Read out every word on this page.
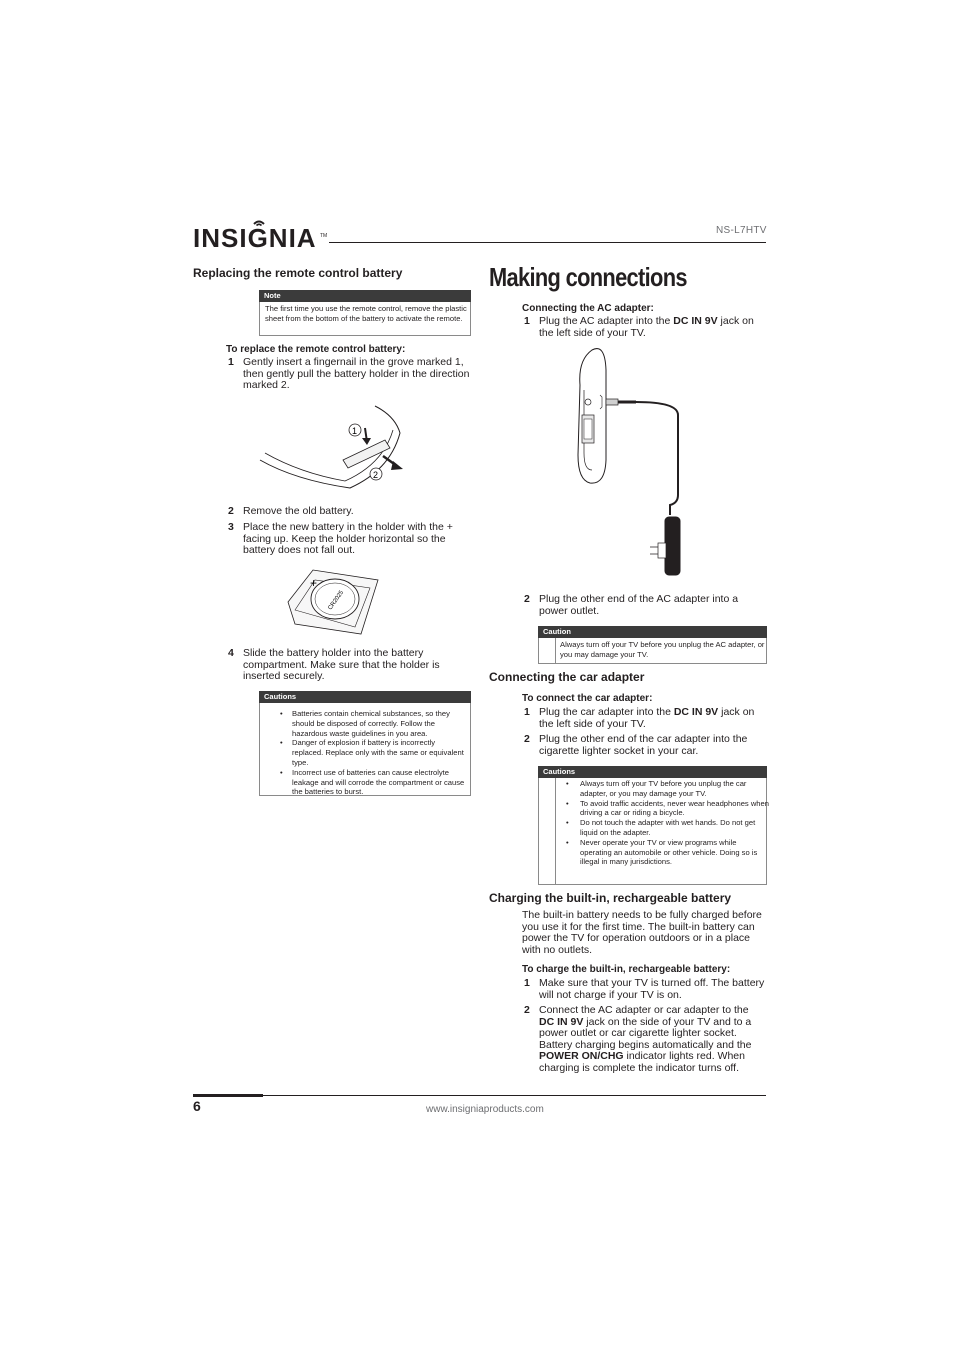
INSIGNIA TM	NS-L7HTV
Replacing the remote control battery
Note
The first time you use the remote control, remove the plastic sheet from the bottom of the battery to activate the remote.
To replace the remote control battery:
1 Gently insert a fingernail in the grove marked 1, then gently pull the battery holder in the direction marked 2.
1
2
2 Remove the old battery.
3 Place the new battery in the holder with the + facing up. Keep the holder horizontal so the battery does not fall out.
+
CR2025
4 Slide the battery holder into the battery compartment. Make sure that the holder is inserted securely.
Cautions
• Batteries contain chemical substances, so they should be disposed of correctly. Follow the hazardous waste guidelines in you area.
• Danger of explosion if battery is incorrectly replaced. Replace only with the same or equivalent type.
• Incorrect use of batteries can cause electrolyte leakage and will corrode the compartment or cause the batteries to burst.
Making connections
Connecting the AC adapter:
1 Plug the AC adapter into the DC IN 9V jack on the left side of your TV.
2 Plug the other end of the AC adapter into a power outlet.
Caution
Always turn off your TV before you unplug the AC adapter, or you may damage your TV.
Connecting the car adapter
To connect the car adapter:
1 Plug the car adapter into the DC IN 9V jack on the left side of your TV.
2 Plug the other end of the car adapter into the cigarette lighter socket in your car.
Cautions
• Always turn off your TV before you unplug the car adapter, or you may damage your TV.
• To avoid traffic accidents, never wear headphones when driving a car or riding a bicycle.
• Do not touch the adapter with wet hands. Do not get liquid on the adapter.
• Never operate your TV or view programs while operating an automobile or other vehicle. Doing so is illegal in many jurisdictions.
Charging the built-in, rechargeable battery
The built-in battery needs to be fully charged before you use it for the first time. The built-in battery can power the TV for operation outdoors or in a place with no outlets.
To charge the built-in, rechargeable battery:
1 Make sure that your TV is turned off. The battery will not charge if your TV is on.
2 Connect the AC adapter or car adapter to the DC IN 9V jack on the side of your TV and to a power outlet or car cigarette lighter socket. Battery charging begins automatically and the POWER ON/CHG indicator lights red. When charging is complete the indicator turns off.
6	www.insigniaproducts.com
